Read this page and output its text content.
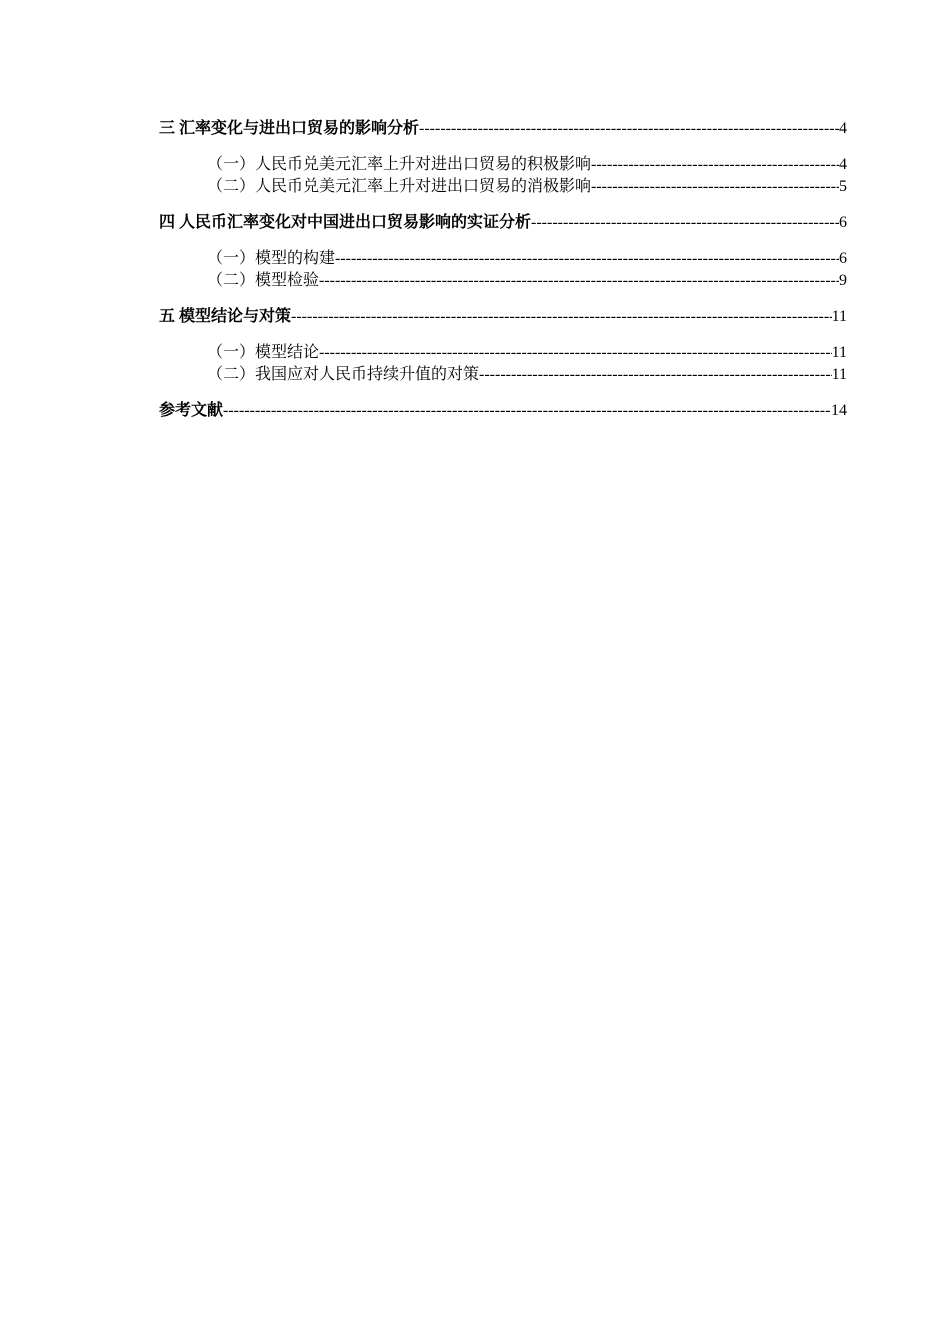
三 汇率变化与进出口贸易的影响分析 -----	4
（一）人民币兑美元汇率上升对进出口贸易的积极影响 -----	4
（二）人民币兑美元汇率上升对进出口贸易的消极影响 -----	5
四 人民币汇率变化对中国进出口贸易影响的实证分析 -----	6
（一）模型的构建 -----	6
（二）模型检验 -----	9
五 模型结论与对策 -----	11
（一）模型结论 -----	11
（二）我国应对人民币持续升值的对策 -----	11
参考文献 -----	14
